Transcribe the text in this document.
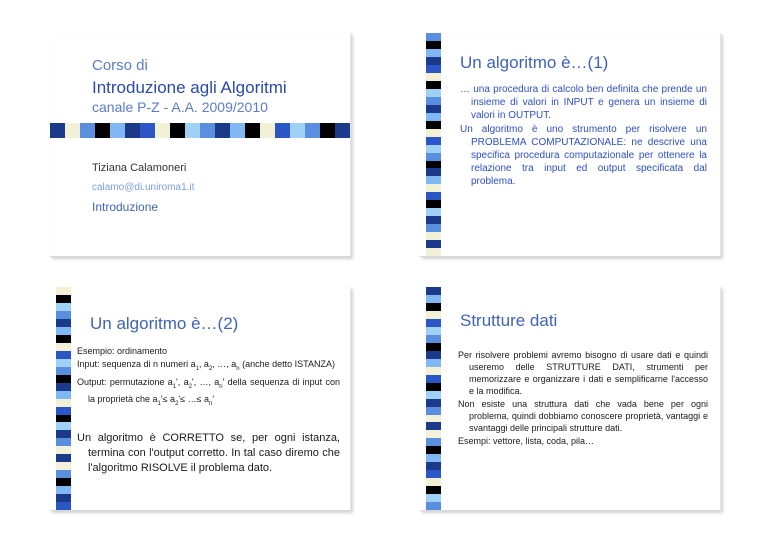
Corso di
Introduzione agli Algoritmi
canale P-Z - A.A. 2009/2010
Tiziana Calamoneri
calamo@di.uniroma1.it
Introduzione
Un algoritmo è…(1)

… una procedura di calcolo ben definita che prende un insieme di valori in INPUT e genera un insieme di valori in OUTPUT.

Un algoritmo è uno strumento per risolvere un PROBLEMA COMPUTAZIONALE: ne descrive una specifica procedura computazionale per ottenere la relazione tra input ed output specificata dal problema.

Un algoritmo è…(2)

Esempio: ordinamento

Input: sequenza di n numeri $a_1$, $a_2$, …, $a_n$ (anche detto ISTANZA)

Output: permutazione $a_1'$, $a_2'$, …, $a_n'$ della sequenza di input con la proprietà che $a_1'\le a_2'\le$ …≤ $a_n'$

Un algoritmo è CORRETTO se, per ogni istanza, termina con l'output corretto. In tal caso diremo che l'algoritmo RISOLVE il problema dato.

Strutture dati

Per risolvere problemi avremo bisogno di usare dati e quindi useremo delle STRUTTURE DATI, strumenti per memorizzare e organizzare i dati e semplificarne l'accesso e la modifica.

Non esiste una struttura dati che vada bene per ogni problema, quindi dobbiamo conoscere proprietà, vantaggi e svantaggi delle principali strutture dati.

Esempi: vettore, lista, coda, pila…
